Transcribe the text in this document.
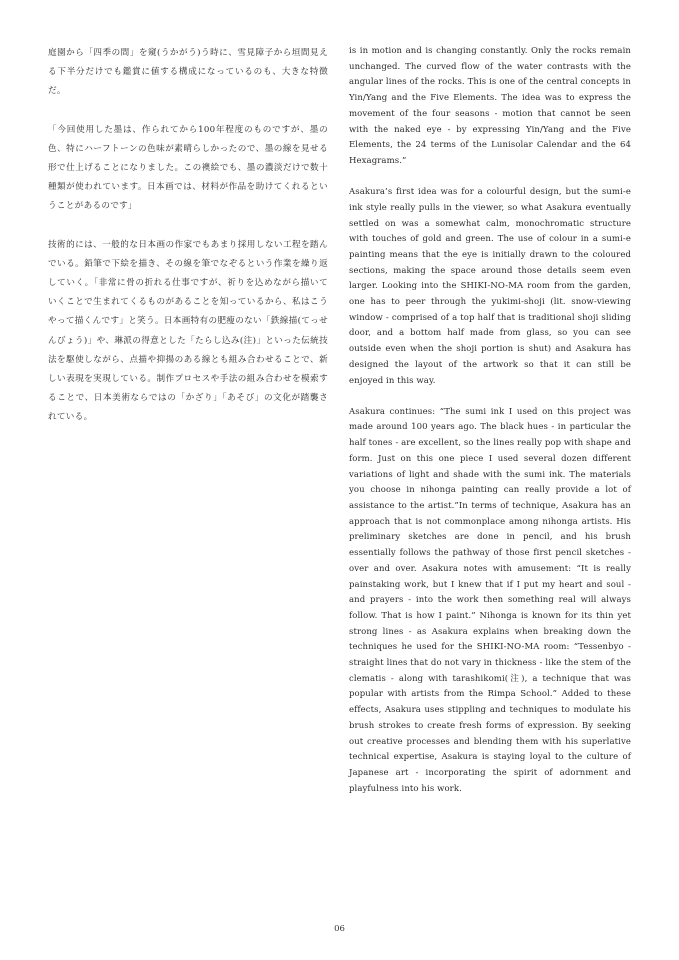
庭園から「四季の間」を窺(うかがう)う時に、雪見障子から垣間見える下半分だけでも鑑賞に値する構成になっているのも、大きな特徴だ。

「今回使用した墨は、作られてから100年程度のものですが、墨の色、特にハーフトーンの色味が素晴らしかったので、墨の線を見せる形で仕上げることになりました。この襖絵でも、墨の濃淡だけで数十種類が使われています。日本画では、材料が作品を助けてくれるということがあるのです」

技術的には、一般的な日本画の作家でもあまり採用しない工程を踏んでいる。鉛筆で下絵を描き、その線を筆でなぞるという作業を繰り返していく。「非常に骨の折れる仕事ですが、祈りを込めながら描いていくことで生まれてくるものがあることを知っているから、私はこうやって描くんです」と笑う。日本画特有の肥瘦のない「鉄線描(てっせんびょう)」や、琳派の得意とした「たらし込み(注)」といった伝統技法を駆使しながら、点描や抑揚のある線とも組み合わせることで、新しい表現を実現している。制作プロセスや手法の組み合わせを模索することで、日本美術ならではの「かざり」「あそび」の文化が踏襲されている。

is in motion and is changing constantly. Only the rocks remain unchanged. The curved flow of the water contrasts with the angular lines of the rocks. This is one of the central concepts in Yin/Yang and the Five Elements. The idea was to express the movement of the four seasons - motion that cannot be seen with the naked eye - by expressing Yin/Yang and the Five Elements, the 24 terms of the Lunisolar Calendar and the 64 Hexagrams.”

Asakura’s first idea was for a colourful design, but the sumi-e ink style really pulls in the viewer, so what Asakura eventually settled on was a somewhat calm, monochromatic structure with touches of gold and green. The use of colour in a sumi-e painting means that the eye is initially drawn to the coloured sections, making the space around those details seem even larger. Looking into the SHIKI-NO-MA room from the garden, one has to peer through the yukimi-shoji (lit. snow-viewing window - comprised of a top half that is traditional shoji sliding door, and a bottom half made from glass, so you can see outside even when the shoji portion is shut) and Asakura has designed the layout of the artwork so that it can still be enjoyed in this way.

Asakura continues: “The sumi ink I used on this project was made around 100 years ago. The black hues - in particular the half tones - are excellent, so the lines really pop with shape and form. Just on this one piece I used several dozen different variations of light and shade with the sumi ink. The materials you choose in nihonga painting can really provide a lot of assistance to the artist.”In terms of technique, Asakura has an approach that is not commonplace among nihonga artists. His preliminary sketches are done in pencil, and his brush essentially follows the pathway of those first pencil sketches - over and over. Asakura notes with amusement: “It is really painstaking work, but I knew that if I put my heart and soul - and prayers - into the work then something real will always follow. That is how I paint.” Nihonga is known for its thin yet strong lines - as Asakura explains when breaking down the techniques he used for the SHIKI-NO-MA room: “Tessenbyo - straight lines that do not vary in thickness - like the stem of the clematis - along with tarashikomi(注), a technique that was popular with artists from the Rimpa School.” Added to these effects, Asakura uses stippling and techniques to modulate his brush strokes to create fresh forms of expression. By seeking out creative processes and blending them with his superlative technical expertise, Asakura is staying loyal to the culture of Japanese art - incorporating the spirit of adornment and playfulness into his work.

06
